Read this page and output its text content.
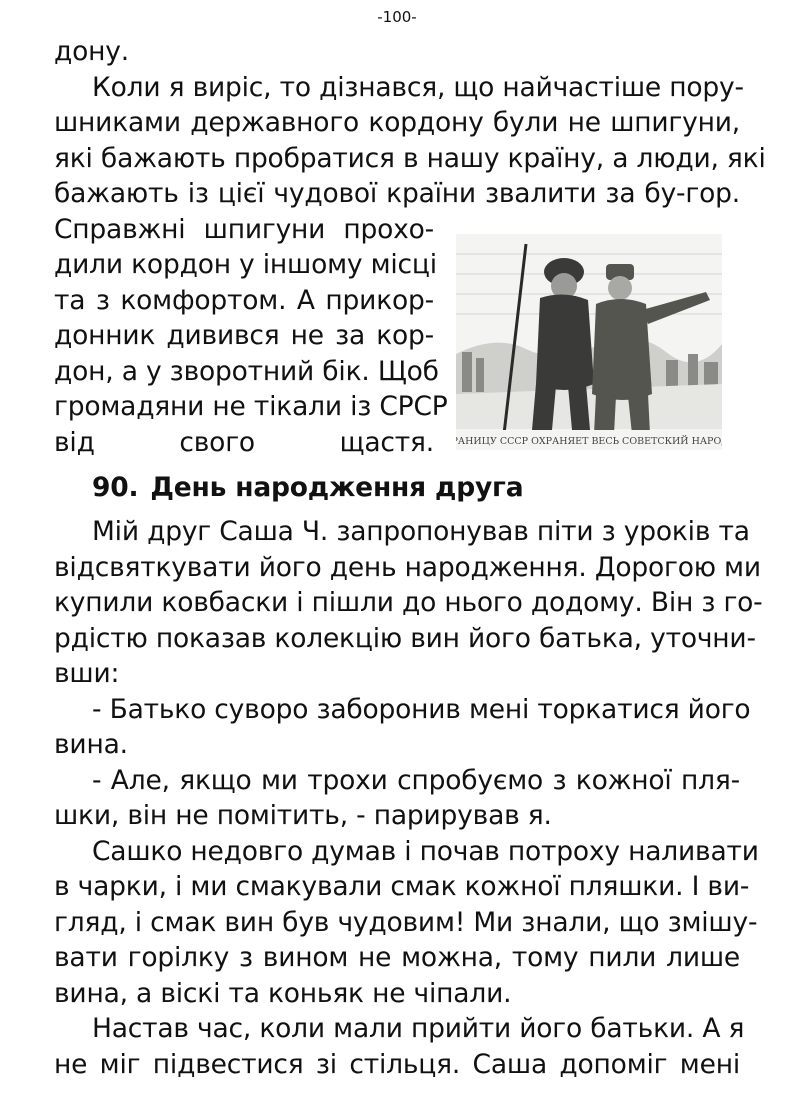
-100-
дону.
Коли я виріс, то дізнався, що найчастіше пору-
шниками державного кордону були не шпигуни,
які бажають пробратися в нашу країну, а люди, які
бажають із цієї чудової країни звалити за бу-гор.
Справжні шпигуни прохо-
дили кордон у іншому місці
та з комфортом. А прикор-
донник дивився не за кор-
дон, а у зворотний бік. Щоб
громадяни не тікали із СРСР
від свого щастя.
90. День народження друга
Мій друг Саша Ч. запропонував піти з уроків та
відсвяткувати його день народження. Дорогою ми
купили ковбаски і пішли до нього додому. Він з го-
рдістю показав колекцію вин його батька, уточни-
вши:
- Батько суворо заборонив мені торкатися його
вина.
- Але, якщо ми трохи спробуємо з кожної пля-
шки, він не помітить, - парирував я.
Сашко недовго думав і почав потроху наливати
в чарки, і ми смакували смак кожної пляшки. І ви-
гляд, і смак вин був чудовим! Ми знали, що змішу-
вати горілку з вином не можна, тому пили лише
вина, а віскі та коньяк не чіпали.
Настав час, коли мали прийти його батьки. А я
не міг підвестися зі стільця. Саша допоміг мені
ГРАНИЦУ СССР ОХРАНЯЕТ ВЕСЬ СОВЕТСКИЙ НАРОД!
